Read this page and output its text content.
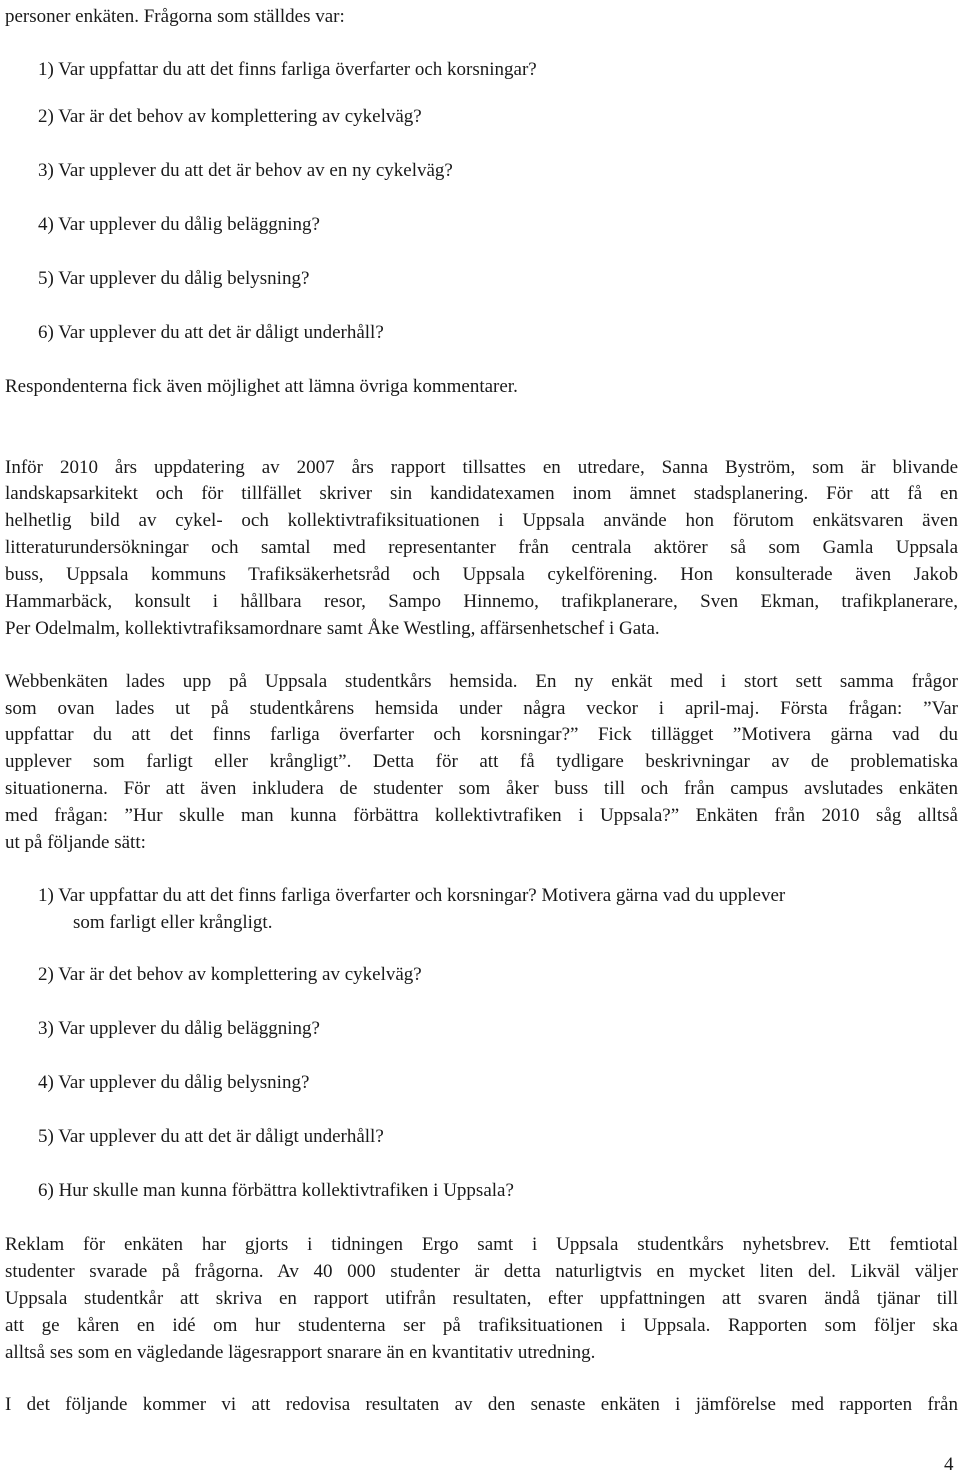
personer enkäten. Frågorna som ställdes var:
1) Var uppfattar du att det finns farliga överfarter och korsningar?
2) Var är det behov av komplettering av cykelväg?
3) Var upplever du att det är behov av en ny cykelväg?
4) Var upplever du dålig beläggning?
5) Var upplever du dålig belysning?
6) Var upplever du att det är dåligt underhåll?
Respondenterna fick även möjlighet att lämna övriga kommentarer.
Inför 2010 års uppdatering av 2007 års rapport tillsattes en utredare, Sanna Byström, som är blivande
landskapsarkitekt och för tillfället skriver sin kandidatexamen inom ämnet stadsplanering. För att få en
helhetlig bild av cykel- och kollektivtrafiksituationen i Uppsala använde hon förutom enkätsvaren även
litteraturundersökningar och samtal med representanter från centrala aktörer så som Gamla Uppsala
buss, Uppsala kommuns Trafiksäkerhetsråd och Uppsala cykelförening. Hon konsulterade även Jakob
Hammarbäck, konsult i hållbara resor, Sampo Hinnemo, trafikplanerare, Sven Ekman, trafikplanerare,
Per Odelmalm, kollektivtrafiksamordnare samt Åke Westling, affärsenhetschef i Gata.
Webbenkäten lades upp på Uppsala studentkårs hemsida. En ny enkät med i stort sett samma frågor
som ovan lades ut på studentkårens hemsida under några veckor i april-maj. Första frågan: ”Var
uppfattar du att det finns farliga överfarter och korsningar?” Fick tillägget ”Motivera gärna vad du
upplever som farligt eller krångligt”. Detta för att få tydligare beskrivningar av de problematiska
situationerna. För att även inkludera de studenter som åker buss till och från campus avslutades enkäten
med frågan: ”Hur skulle man kunna förbättra kollektivtrafiken i Uppsala?” Enkäten från 2010 såg alltså
ut på följande sätt:
1) Var uppfattar du att det finns farliga överfarter och korsningar? Motivera gärna vad du upplever
som farligt eller krångligt.
2) Var är det behov av komplettering av cykelväg?
3) Var upplever du dålig beläggning?
4) Var upplever du dålig belysning?
5) Var upplever du att det är dåligt underhåll?
6) Hur skulle man kunna förbättra kollektivtrafiken i Uppsala?
Reklam för enkäten har gjorts i tidningen Ergo samt i Uppsala studentkårs nyhetsbrev. Ett femtiotal
studenter svarade på frågorna. Av 40 000 studenter är detta naturligtvis en mycket liten del. Likväl väljer
Uppsala studentkår att skriva en rapport utifrån resultaten, efter uppfattningen att svaren ändå tjänar till
att ge kåren en idé om hur studenterna ser på trafiksituationen i Uppsala. Rapporten som följer ska
alltså ses som en vägledande lägesrapport snarare än en kvantitativ utredning.
I det följande kommer vi att redovisa resultaten av den senaste enkäten i jämförelse med rapporten från
4
